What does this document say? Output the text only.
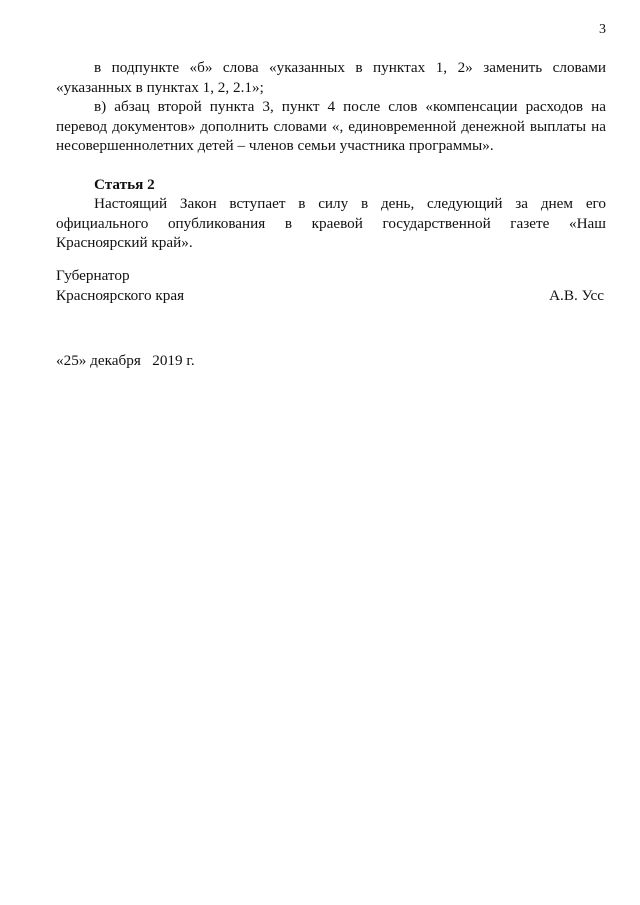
3

в подпункте «б» слова «указанных в пунктах 1, 2» заменить словами «указанных в пунктах 1, 2, 2.1»;

в) абзац второй пункта 3, пункт 4 после слов «компенсации расходов на перевод документов» дополнить словами «, единовременной денежной выплаты на несовершеннолетних детей – членов семьи участника программы».

Статья 2

Настоящий Закон вступает в силу в день, следующий за днем его официального опубликования в краевой государственной газете «Наш Красноярский край».

Губернатор
Красноярского края	А.В. Усс
«25» декабря   2019 г.
